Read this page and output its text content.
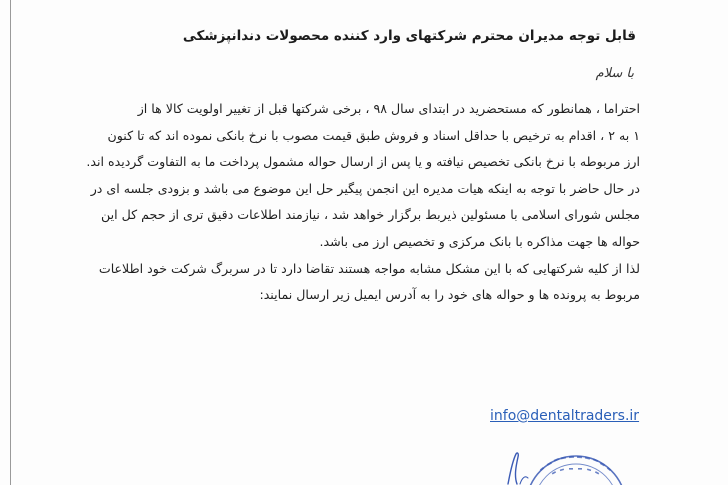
قابل توجه مدیران محترم شرکتهای وارد کننده محصولات دندانپزشکی
با سلام
احتراما ، همانطور که مستحضرید در ابتدای سال ۹۸ ، برخی شرکتها قبل از تغییر اولویت کالا ها از
۱ به ۲ ، اقدام به ترخیص با حداقل اسناد و فروش طبق قیمت مصوب با نرخ بانکی نموده اند که تا کنون
ارز مربوطه با نرخ بانکی تخصیص نیافته و یا پس از ارسال حواله مشمول پرداخت ما به التفاوت گردیده اند.
در حال حاضر با توجه به اینکه هیات مدیره این انجمن پیگیر حل این موضوع می باشد و بزودی جلسه ای در
مجلس شورای اسلامی با مسئولین ذیربط برگزار خواهد شد ، نیازمند اطلاعات دقیق تری از حجم کل این
حواله ها جهت مذاکره با بانک مرکزی و تخصیص ارز می باشد.
لذا از کلیه شرکتهایی که با این مشکل مشابه مواجه هستند تقاضا دارد تا در سربرگ شرکت خود اطلاعات
مربوط به پرونده ها و حواله های خود را به آدرس ایمیل زیر ارسال نمایند:
info@dentaltraders.ir
